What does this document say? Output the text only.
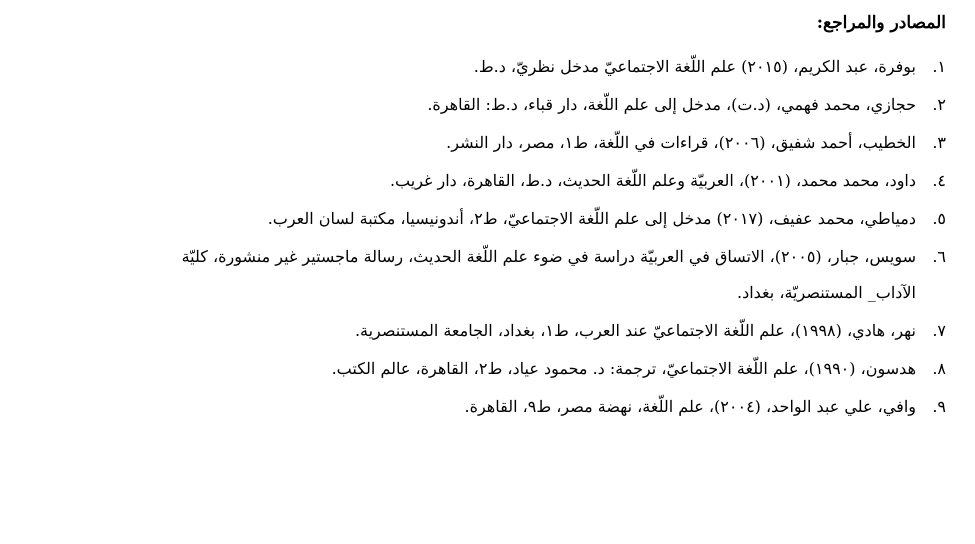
المصادر والمراجع:
١.
بوفرة، عبد الكريم، (٢٠١٥) علم اللّغة الاجتماعيّ مدخل نظريّ، د.ط.
٢.
حجازي، محمد فهمي، (د.ت)، مدخل إلى علم اللّغة، دار قباء، د.ط: القاهرة.
٣.
الخطيب، أحمد شفيق، (٢٠٠٦)، قراءات في اللّغة، ط١، مصر، دار النشر.
٤.
داود، محمد محمد، (٢٠٠١)، العربيّة وعلم اللّغة الحديث، د.ط، القاهرة، دار غريب.
٥.
دمياطي، محمد عفيف، (٢٠١٧) مدخل إلى علم اللّغة الاجتماعيّ، ط٢، أندونيسيا، مكتبة لسان العرب.
٦.
سويس، جبار، (٢٠٠٥)، الاتساق في العربيّة دراسة في ضوء علم اللّغة الحديث، رسالة ماجستير غير منشورة، كليّة
الآداب_ المستنصريّة، بغداد.
٧.
نهر، هادي، (١٩٩٨)، علم اللّغة الاجتماعيّ عند العرب، ط١، بغداد، الجامعة المستنصرية.
٨.
هدسون، (١٩٩٠)، علم اللّغة الاجتماعيّ، ترجمة: د. محمود عياد، ط٢، القاهرة، عالم الكتب.
٩.
وافي، علي عبد الواحد، (٢٠٠٤)، علم اللّغة، نهضة مصر، ط٩، القاهرة.
